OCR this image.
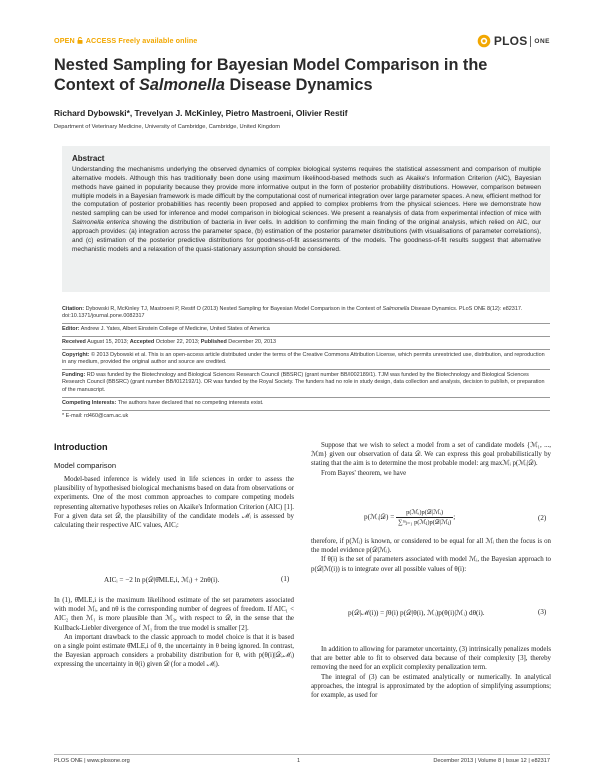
OPEN ACCESS Freely available online	PLOS ONE
Nested Sampling for Bayesian Model Comparison in the Context of Salmonella Disease Dynamics
Richard Dybowski*, Trevelyan J. McKinley, Pietro Mastroeni, Olivier Restif
Department of Veterinary Medicine, University of Cambridge, Cambridge, United Kingdom
Abstract
Understanding the mechanisms underlying the observed dynamics of complex biological systems requires the statistical assessment and comparison of multiple alternative models. Although this has traditionally been done using maximum likelihood-based methods such as Akaike's Information Criterion (AIC), Bayesian methods have gained in popularity because they provide more informative output in the form of posterior probability distributions. However, comparison between multiple models in a Bayesian framework is made difficult by the computational cost of numerical integration over large parameter spaces. A new, efficient method for the computation of posterior probabilities has recently been proposed and applied to complex problems from the physical sciences. Here we demonstrate how nested sampling can be used for inference and model comparison in biological sciences. We present a reanalysis of data from experimental infection of mice with Salmonella enterica showing the distribution of bacteria in liver cells. In addition to confirming the main finding of the original analysis, which relied on AIC, our approach provides: (a) integration across the parameter space, (b) estimation of the posterior parameter distributions (with visualisations of parameter correlations), and (c) estimation of the posterior predictive distributions for goodness-of-fit assessments of the models. The goodness-of-fit results suggest that alternative mechanistic models and a relaxation of the quasi-stationary assumption should be considered.
Citation: Dybowski R, McKinley TJ, Mastroeni P, Restif O (2013) Nested Sampling for Bayesian Model Comparison in the Context of Salmonella Disease Dynamics. PLoS ONE 8(12): e82317. doi:10.1371/journal.pone.0082317
Editor: Andrew J. Yates, Albert Einstein College of Medicine, United States of America
Received August 15, 2013; Accepted October 22, 2013; Published December 20, 2013
Copyright: © 2013 Dybowski et al. This is an open-access article distributed under the terms of the Creative Commons Attribution License, which permits unrestricted use, distribution, and reproduction in any medium, provided the original author and source are credited.
Funding: RD was funded by the Biotechnology and Biological Sciences Research Council (BBSRC) (grant number BB/I002189/1). TJM was funded by the Biotechnology and Biological Sciences Research Council (BBSRC) (grant number BB/I012192/1). OR was funded by the Royal Society. The funders had no role in study design, data collection and analysis, decision to publish, or preparation of the manuscript.
Competing Interests: The authors have declared that no competing interests exist.
* E-mail: rd460@cam.ac.uk
Introduction
Model comparison

Model-based inference is widely used in life sciences in order to assess the plausibility of hypothesised biological mechanisms based on data from observations or experiments. One of the most common approaches to compare competing models representing alternative hypotheses relies on Akaike's Information Criterion (AIC) [1]. For a given data set 𝒟, the plausibility of the candidate models ℳᵢ is assessed by calculating their respective AIC values, AICᵢ:

AICᵢ = −2 ln p(𝒟|θ̂MLE,i, ℳᵢ) + 2nθ(i).	(1)

In (1), θ̂MLE,i is the maximum likelihood estimate of the set parameters associated with model ℳᵢ, and nθ is the corresponding number of degrees of freedom. If AIC₁ < AIC₂ then ℳ₁ is more plausible than ℳ₂, with respect to 𝒟, in the sense that the Kullback-Liebler divergence of ℳ₁ from the true model is smaller [2].

An important drawback to the classic approach to model choice is that it is based on a single point estimate θ̂MLE,i of θ, the uncertainty in θ being ignored. In contrast, the Bayesian approach considers a probability distribution for θ, with p(θ(i)|𝒟,ℳᵢ) expressing the uncertainty in θ(i) given 𝒟 (for a model ℳᵢ).

Suppose that we wish to select a model from a set of candidate models {ℳ₁, ..., ℳm} given our observation of data 𝒟. We can express this goal probabilistically by stating that the aim is to determine the most probable model: arg maxℳᵢ p(ℳᵢ|𝒟).

From Bayes' theorem, we have

p(ℳᵢ|𝒟) = $\frac{\text{p(ℳᵢ)p(𝒟|ℳᵢ)}}{\text{∑ᵐⱼ₌₁ p(ℳⱼ)p(𝒟|ℳⱼ)}}$ ;	(2)

therefore, if p(ℳᵢ) is known, or considered to be equal for all ℳᵢ then the focus is on the model evidence p(𝒟|ℳᵢ).

If θ(i) is the set of parameters associated with model ℳᵢ, the Bayesian approach to p(𝒟|ℳ(i)) is to integrate over all possible values of θ(i):

p(𝒟|ℳ(i)) = ∫θ(i) p(𝒟|θ(i), ℳᵢ)p(θ(i)|ℳᵢ) dθ(i).	(3)

In addition to allowing for parameter uncertainty, (3) intrinsically penalizes models that are better able to fit to observed data because of their complexity [3], thereby removing the need for an explicit complexity penalization term.

The integral of (3) can be estimated analytically or numerically. In analytical approaches, the integral is approximated by the adoption of simplifying assumptions; for example, as used for

PLOS ONE | www.plosone.org	1	December 2013 | Volume 8 | Issue 12 | e82317
